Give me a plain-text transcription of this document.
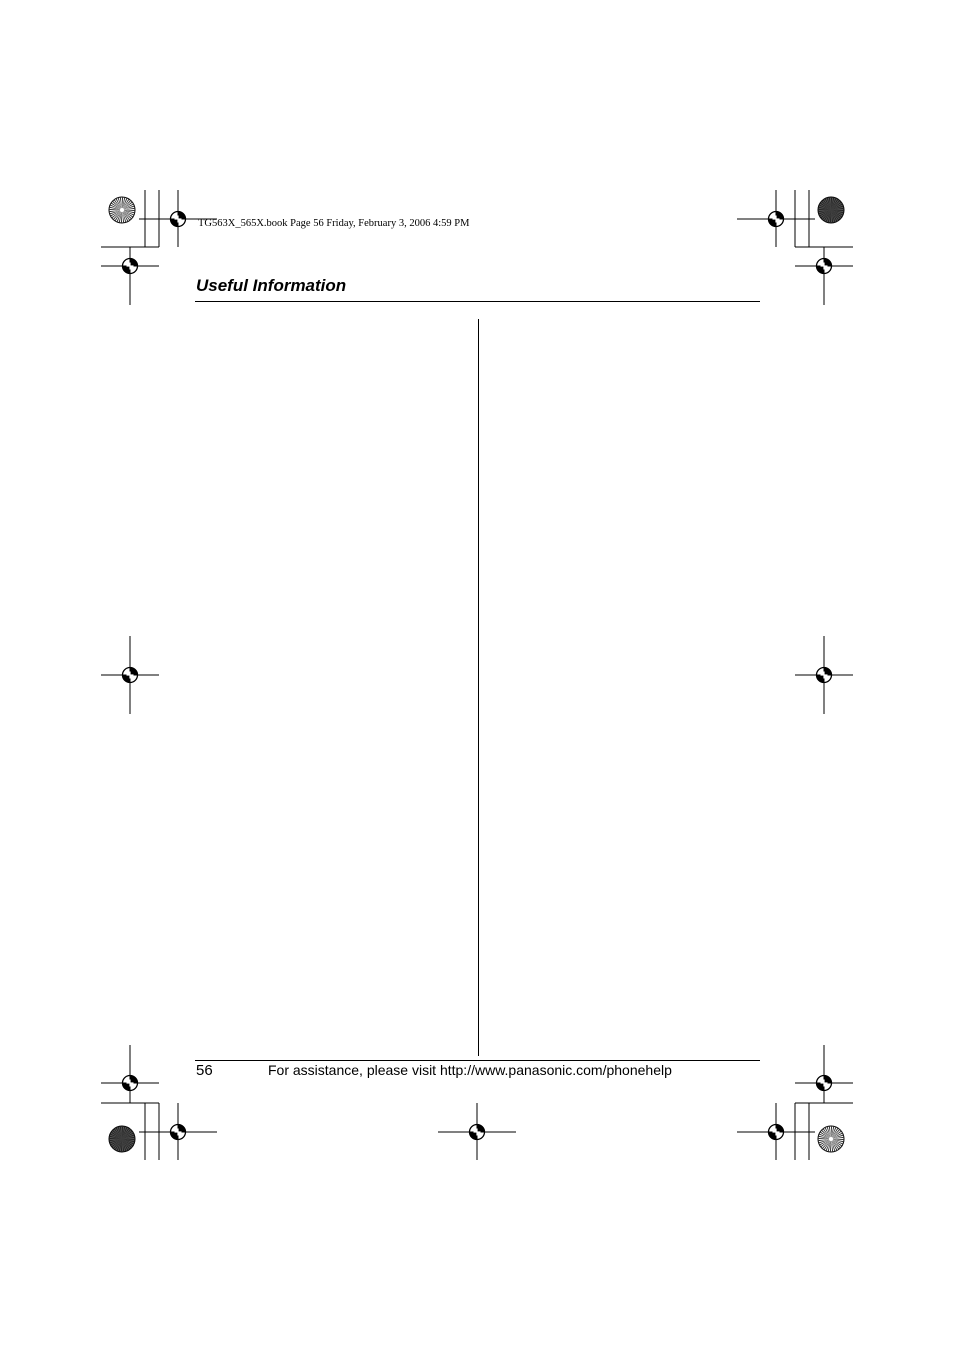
TG563X_565X.book Page 56 Friday, February 3, 2006 4:59 PM
Useful Information
56	For assistance, please visit http://www.panasonic.com/phonehelp
